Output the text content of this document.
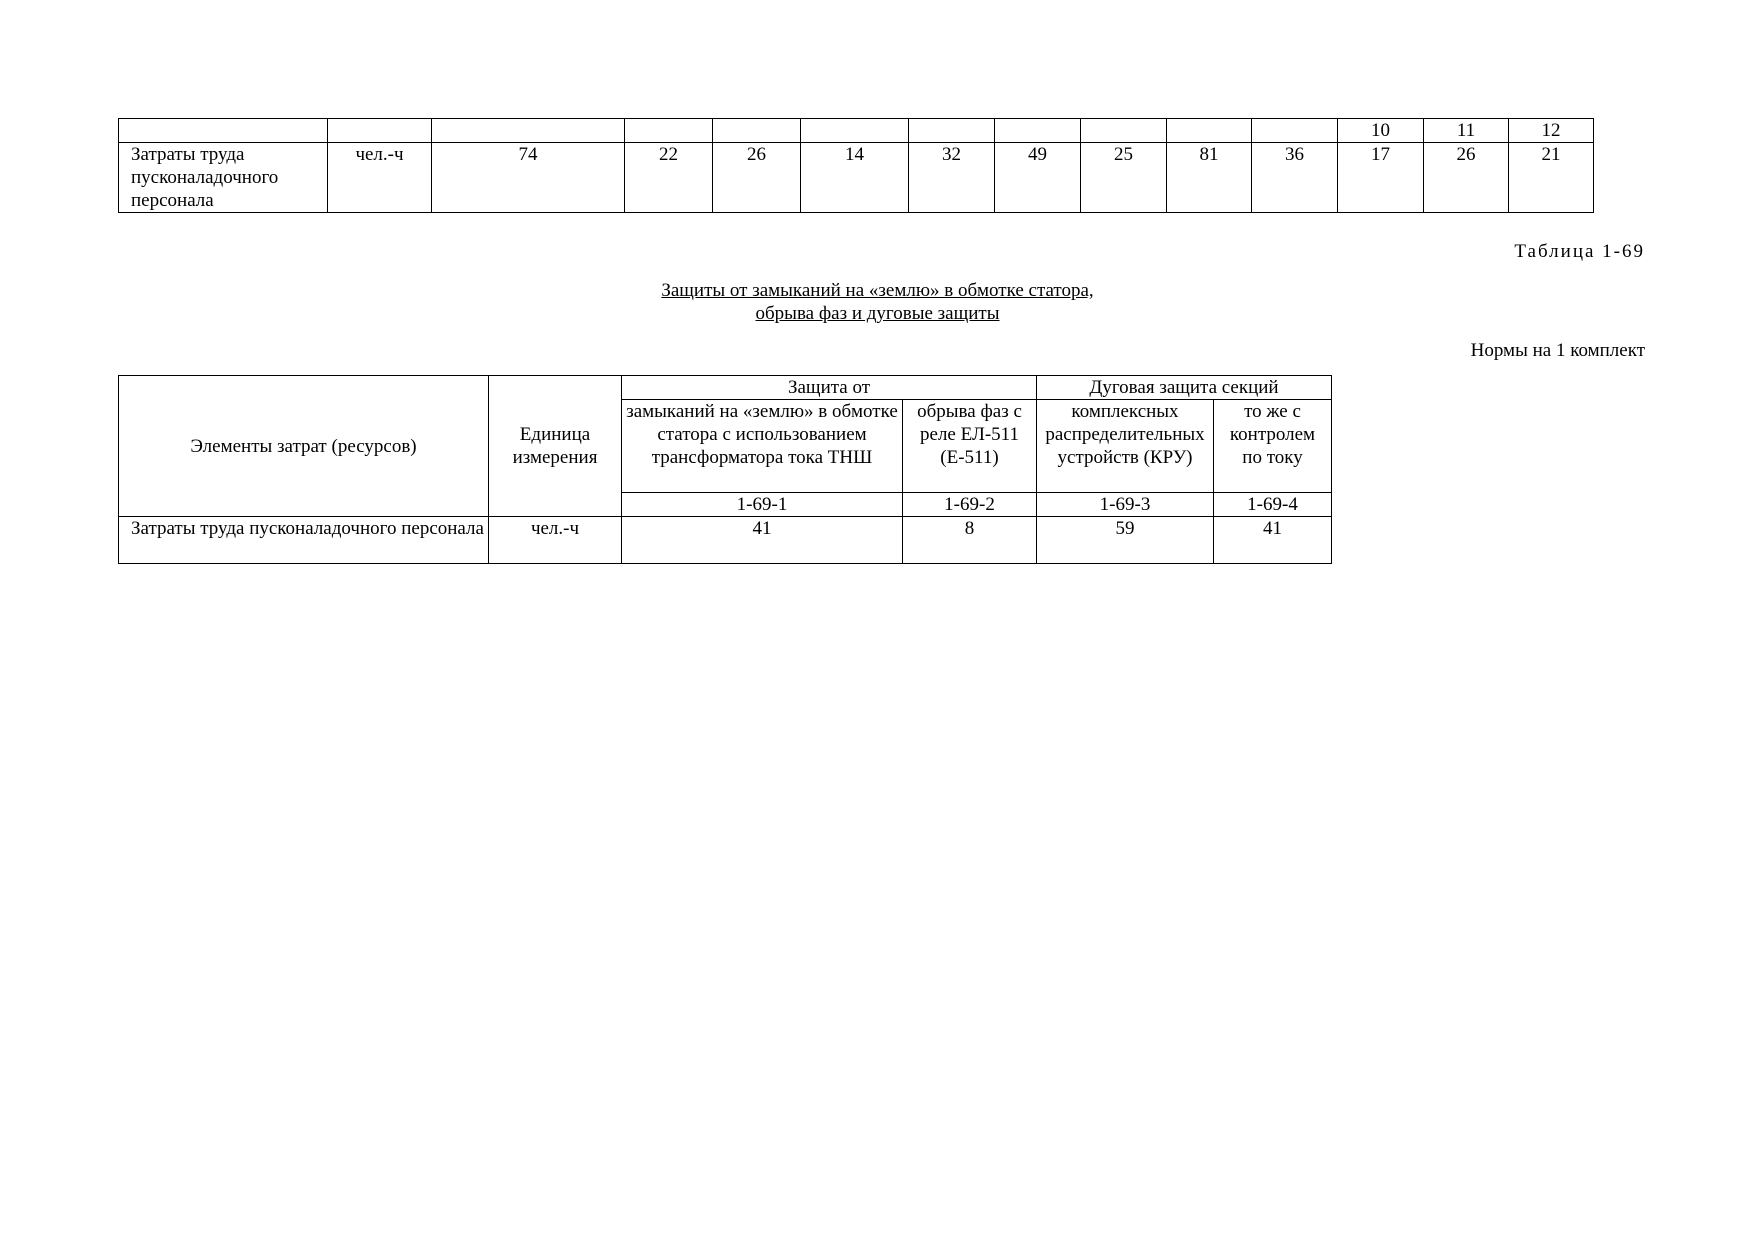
											10	11	12
Затраты труда пусконаладочного персонала	чел.-ч	74	22	26	14	32	49	25	81	36	17	26	21
Таблица 1-69
Защиты от замыканий на «землю» в обмотке статора,
обрыва фаз и дуговые защиты
Нормы на 1 комплект
Элементы затрат (ресурсов)	Единица измерения	Защита от		Дуговая защита секций	
		замыканий на «землю» в обмотке статора с использованием трансформатора тока ТНШ	обрыва фаз с реле ЕЛ-511 (Е-511)	комплексных распределительных устройств (КРУ)	то же с контролем по току
		1-69-1	1-69-2	1-69-3	1-69-4
Затраты труда пусконаладочного персонала	чел.-ч	41	8	59	41
